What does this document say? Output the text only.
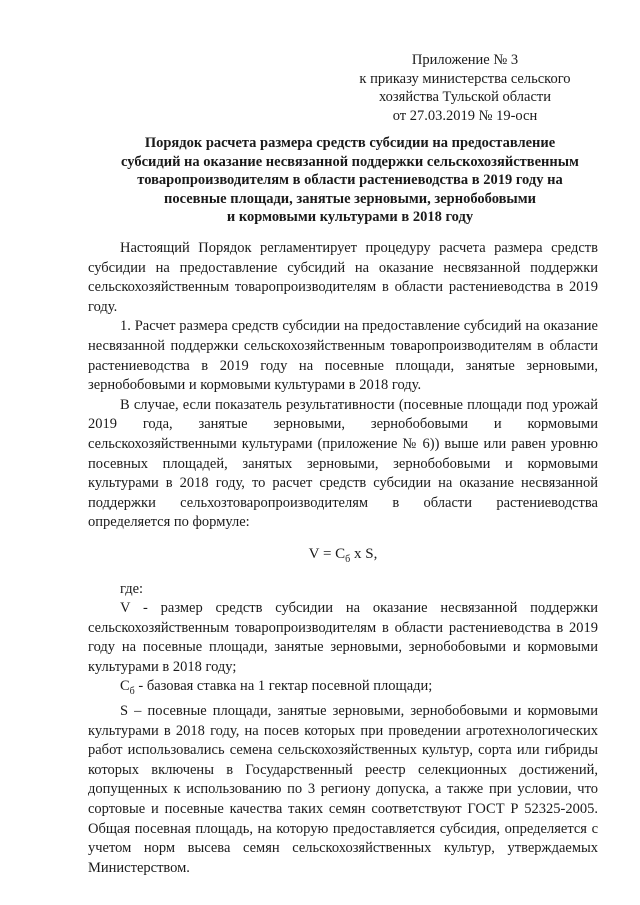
Приложение № 3
к приказу министерства сельского
хозяйства Тульской области
от 27.03.2019 № 19-осн
Порядок расчета размера средств субсидии на предоставление
субсидий на оказание несвязанной поддержки сельскохозяйственным
товаропроизводителям в области растениеводства в 2019 году на
посевные площади, занятые зерновыми, зернобобовыми
и кормовыми культурами в 2018 году

Настоящий Порядок регламентирует процедуру расчета размера средств субсидии на предоставление субсидий на оказание несвязанной поддержки сельскохозяйственным товаропроизводителям в области растениеводства в 2019 году.

1. Расчет размера средств субсидии на предоставление субсидий на оказание несвязанной поддержки сельскохозяйственным товаропроизводителям в области растениеводства в 2019 году на посевные площади, занятые зерновыми, зернобобовыми и кормовыми культурами в 2018 году.

В случае, если показатель результативности (посевные площади под урожай 2019 года, занятые зерновыми, зернобобовыми и кормовыми сельскохозяйственными культурами (приложение № 6)) выше или равен уровню посевных площадей, занятых зерновыми, зернобобовыми и кормовыми культурами в 2018 году, то расчет средств субсидии на оказание несвязанной поддержки сельхозтоваропроизводителям в области растениеводства определяется по формуле:

$V = C_б$ x S,

где:

V - размер средств субсидии на оказание несвязанной поддержки сельскохозяйственным товаропроизводителям в области растениеводства в 2019 году на посевные площади, занятые зерновыми, зернобобовыми и кормовыми культурами в 2018 году;

$C_б$ - базовая ставка на 1 гектар посевной площади;

S – посевные площади, занятые зерновыми, зернобобовыми и кормовыми культурами в 2018 году, на посев которых при проведении агротехнологических работ использовались семена сельскохозяйственных культур, сорта или гибриды которых включены в Государственный реестр селекционных достижений, допущенных к использованию по 3 региону допуска, а также при условии, что сортовые и посевные качества таких семян соответствуют ГОСТ Р 52325-2005. Общая посевная площадь, на которую предоставляется субсидия, определяется с учетом норм высева семян сельскохозяйственных культур, утверждаемых Министерством.
